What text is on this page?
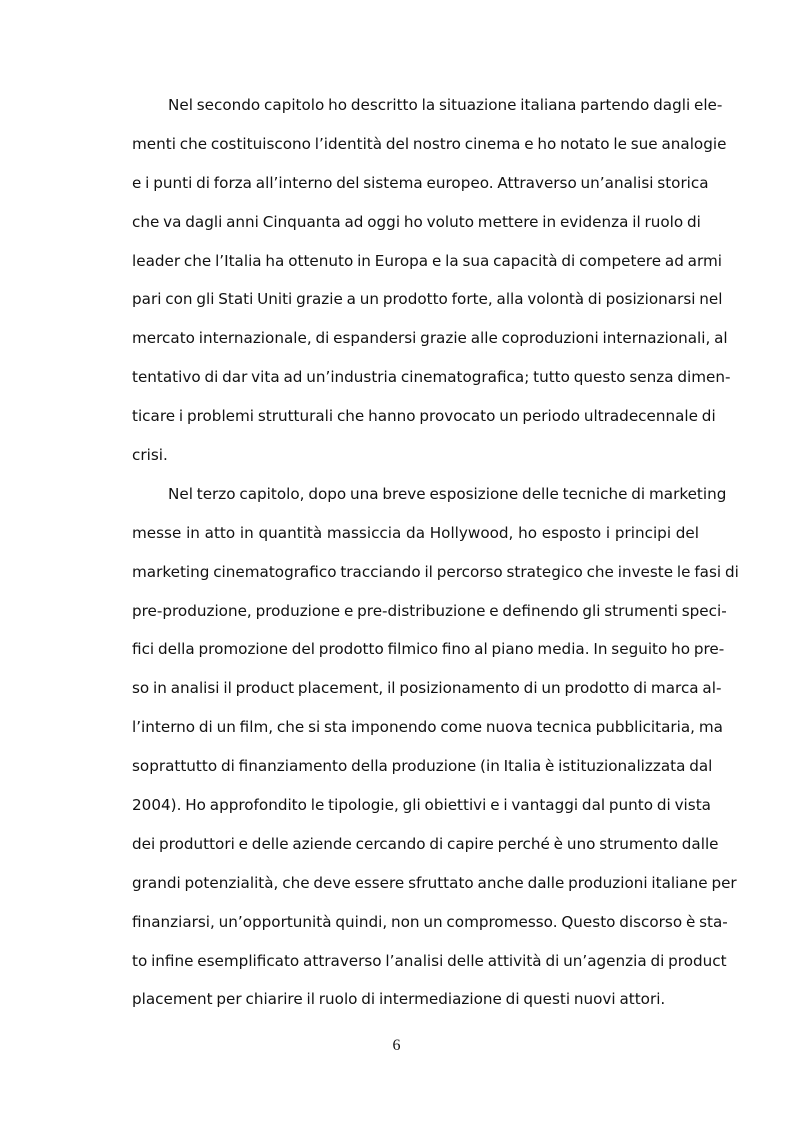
Nel secondo capitolo ho descritto la situazione italiana partendo dagli ele-
menti che costituiscono l’identità del nostro cinema e ho notato le sue analogie
e i punti di forza all’interno del sistema europeo. Attraverso un’analisi storica
che va dagli anni Cinquanta ad oggi ho voluto mettere in evidenza il ruolo di
leader che l’Italia ha ottenuto in Europa e la sua capacità di competere ad armi
pari con gli Stati Uniti grazie a un prodotto forte, alla volontà di posizionarsi nel
mercato internazionale, di espandersi grazie alle coproduzioni internazionali, al
tentativo di dar vita ad un’industria cinematografica; tutto questo senza dimen-
ticare i problemi strutturali che hanno provocato un periodo ultradecennale di
crisi.
Nel terzo capitolo, dopo una breve esposizione delle tecniche di marketing
messe in atto in quantità massiccia da Hollywood, ho esposto i principi del
marketing cinematografico tracciando il percorso strategico che investe le fasi di
pre-produzione, produzione e pre-distribuzione e definendo gli strumenti speci-
fici della promozione del prodotto filmico fino al piano media. In seguito ho pre-
so in analisi il product placement, il posizionamento di un prodotto di marca al-
l’interno di un film, che si sta imponendo come nuova tecnica pubblicitaria, ma
soprattutto di finanziamento della produzione (in Italia è istituzionalizzata dal
2004). Ho approfondito le tipologie, gli obiettivi e i vantaggi dal punto di vista
dei produttori e delle aziende cercando di capire perché è uno strumento dalle
grandi potenzialità, che deve essere sfruttato anche dalle produzioni italiane per
finanziarsi, un’opportunità quindi, non un compromesso. Questo discorso è sta-
to infine esemplificato attraverso l’analisi delle attività di un’agenzia di product
placement per chiarire il ruolo di intermediazione di questi nuovi attori.
6
